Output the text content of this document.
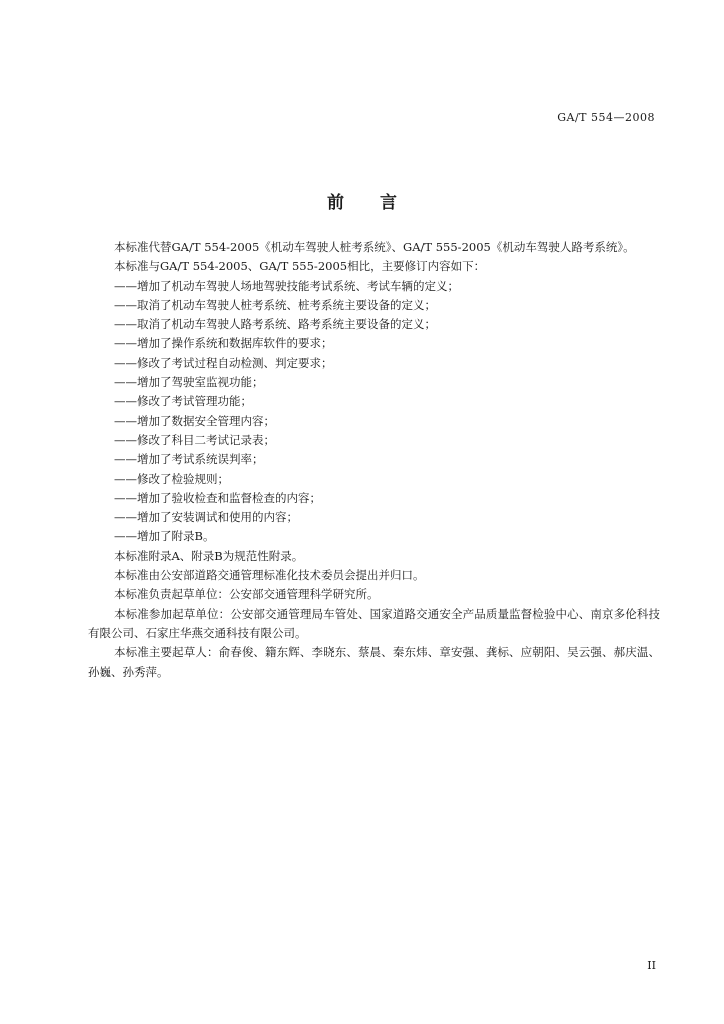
GA/T 554—2008
前 言

本标准代替GA/T 554-2005《机动车驾驶人桩考系统》、GA/T 555-2005《机动车驾驶人路考系统》。

本标准与GA/T 554-2005、GA/T 555-2005相比，主要修订内容如下：

——增加了机动车驾驶人场地驾驶技能考试系统、考试车辆的定义；

——取消了机动车驾驶人桩考系统、桩考系统主要设备的定义；

——取消了机动车驾驶人路考系统、路考系统主要设备的定义；

——增加了操作系统和数据库软件的要求；

——修改了考试过程自动检测、判定要求；

——增加了驾驶室监视功能；

——修改了考试管理功能；

——增加了数据安全管理内容；

——修改了科目二考试记录表；

——增加了考试系统误判率；

——修改了检验规则；

——增加了验收检查和监督检查的内容；

——增加了安装调试和使用的内容；

——增加了附录B。

本标准附录A、附录B为规范性附录。

本标准由公安部道路交通管理标准化技术委员会提出并归口。

本标准负责起草单位：公安部交通管理科学研究所。

本标准参加起草单位：公安部交通管理局车管处、国家道路交通安全产品质量监督检验中心、南京多伦科技有限公司、石家庄华燕交通科技有限公司。

本标准主要起草人：俞春俊、籍东辉、李晓东、蔡晨、秦东炜、章安强、龚标、应朝阳、吴云强、郝庆温、孙巍、孙秀萍。

II
